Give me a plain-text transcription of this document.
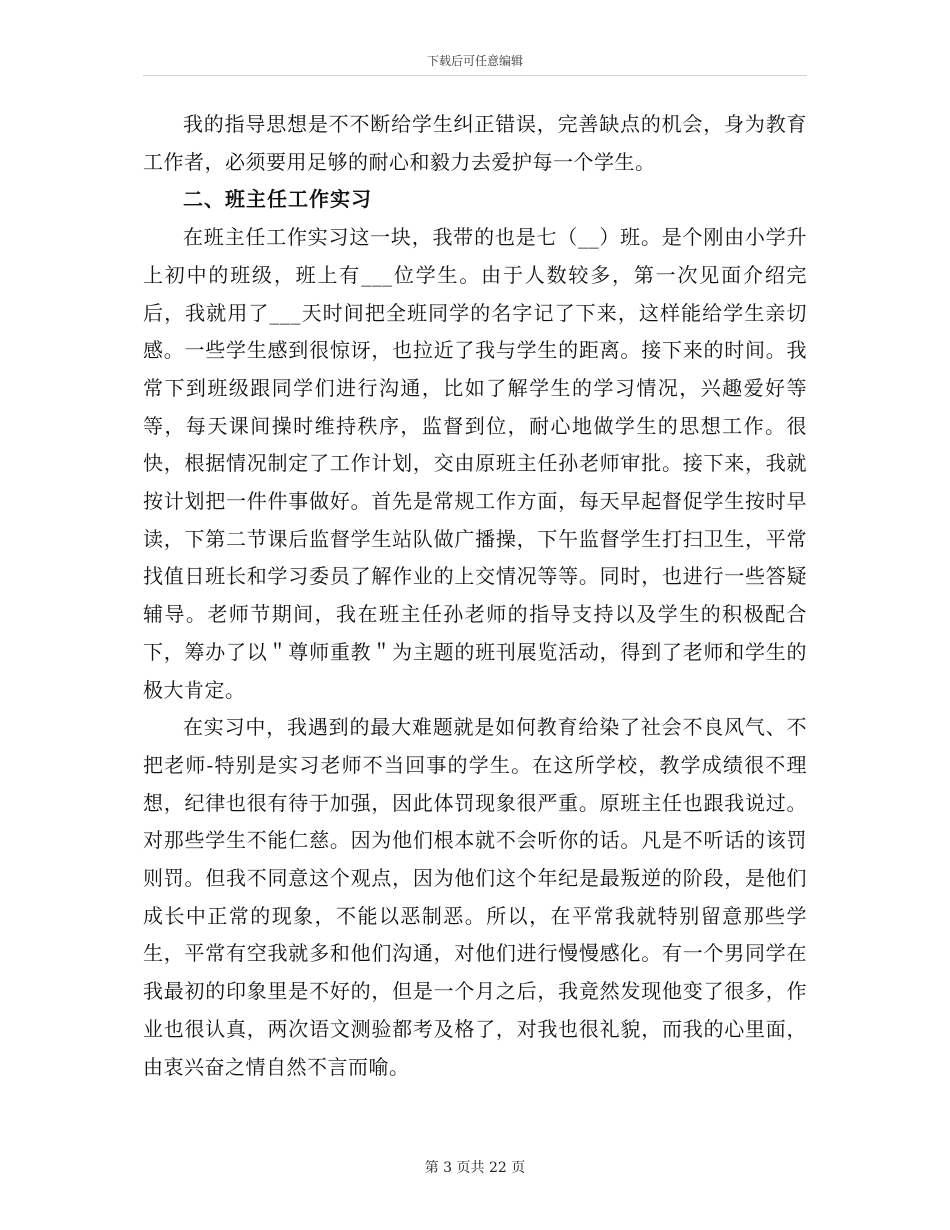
下载后可任意编辑

我的指导思想是不不断给学生纠正错误，完善缺点的机会，身为教育工作者，必须要用足够的耐心和毅力去爱护每一个学生。

二、班主任工作实习

在班主任工作实习这一块，我带的也是七（__）班。是个刚由小学升上初中的班级，班上有___位学生。由于人数较多，第一次见面介绍完后，我就用了___天时间把全班同学的名字记了下来，这样能给学生亲切感。一些学生感到很惊讶，也拉近了我与学生的距离。接下来的时间。我常下到班级跟同学们进行沟通，比如了解学生的学习情况，兴趣爱好等等，每天课间操时维持秩序，监督到位，耐心地做学生的思想工作。很快，根据情况制定了工作计划，交由原班主任孙老师审批。接下来，我就按计划把一件件事做好。首先是常规工作方面，每天早起督促学生按时早读，下第二节课后监督学生站队做广播操，下午监督学生打扫卫生，平常找值日班长和学习委员了解作业的上交情况等等。同时，也进行一些答疑辅导。老师节期间，我在班主任孙老师的指导支持以及学生的积极配合下，筹办了以＂尊师重教＂为主题的班刊展览活动，得到了老师和学生的极大肯定。

在实习中，我遇到的最大难题就是如何教育给染了社会不良风气、不把老师-特别是实习老师不当回事的学生。在这所学校，教学成绩很不理想，纪律也很有待于加强，因此体罚现象很严重。原班主任也跟我说过。对那些学生不能仁慈。因为他们根本就不会听你的话。凡是不听话的该罚则罚。但我不同意这个观点，因为他们这个年纪是最叛逆的阶段，是他们成长中正常的现象，不能以恶制恶。所以，在平常我就特别留意那些学生，平常有空我就多和他们沟通，对他们进行慢慢感化。有一个男同学在我最初的印象里是不好的，但是一个月之后，我竟然发现他变了很多，作业也很认真，两次语文测验都考及格了，对我也很礼貌，而我的心里面，由衷兴奋之情自然不言而喻。

第 3 页共 22 页
